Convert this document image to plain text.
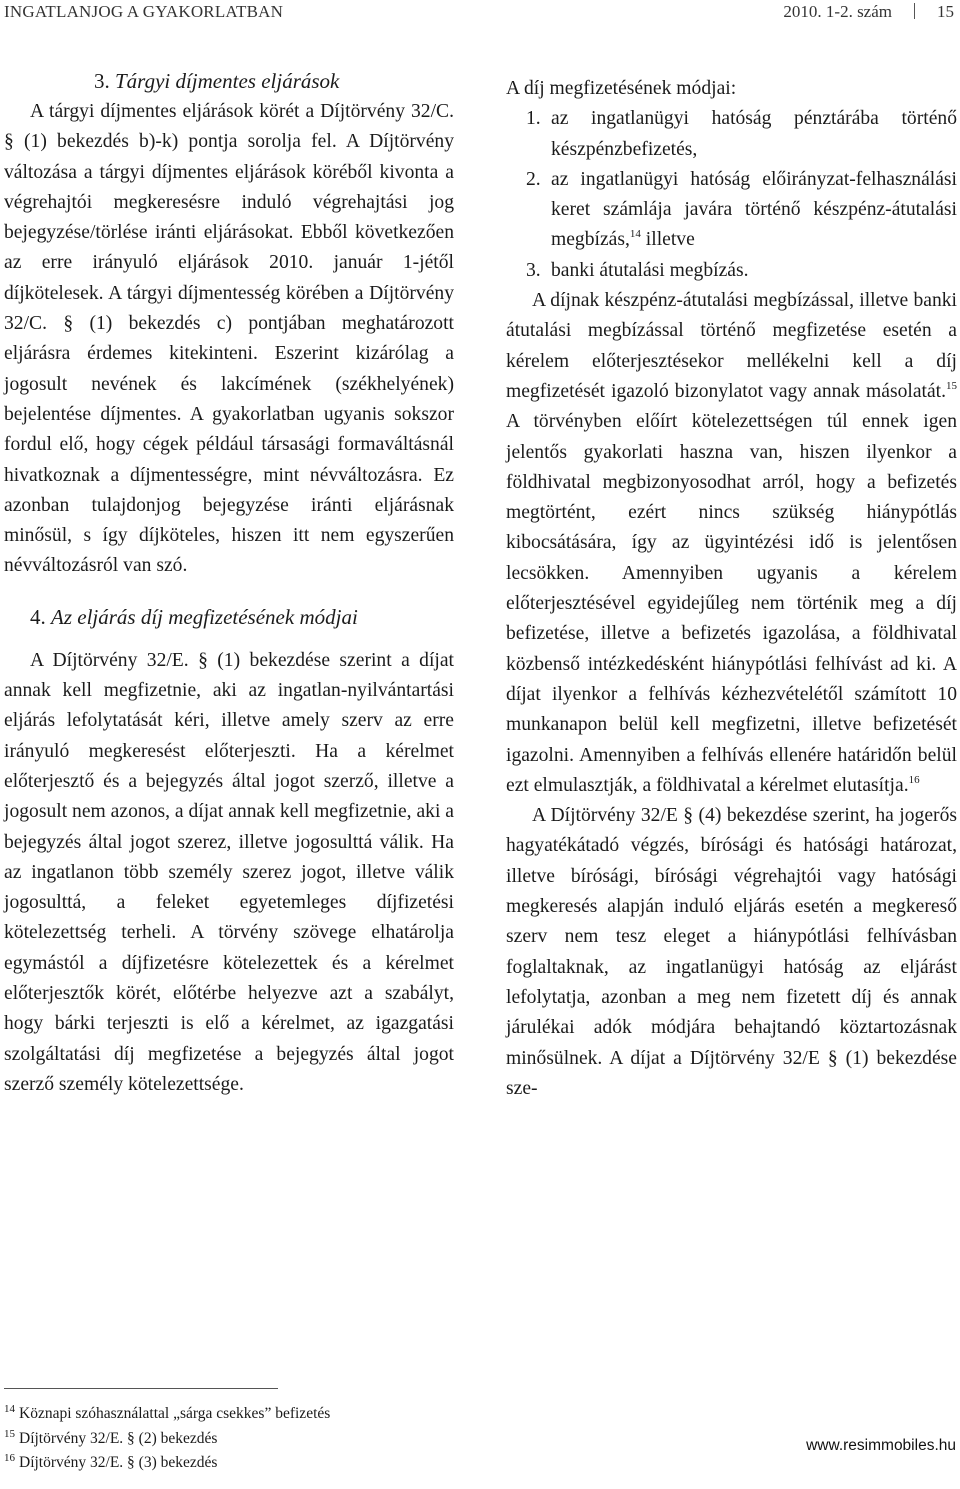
INGATLANJOG A GYAKORLATBAN	2010. 1-2. szám	15
3. Tárgyi díjmentes eljárások

A tárgyi díjmentes eljárások körét a Díjtörvény 32/C. § (1) bekezdés b)-k) pontja sorolja fel. A Díjtörvény változása a tárgyi díjmentes eljárások köréből kivonta a végrehajtói megkeresésre induló végrehajtási jog bejegyzése/törlése iránti eljárásokat. Ebből következően az erre irányuló eljárások 2010. január 1-jétől díjkötelesek. A tárgyi díjmentesség körében a Díjtörvény 32/C. § (1) bekezdés c) pontjában meghatározott eljárásra érdemes kitekinteni. Eszerint kizárólag a jogosult nevének és lakcímének (székhelyének) bejelentése díjmentes. A gyakorlatban ugyanis sokszor fordul elő, hogy cégek például társasági formaváltásnál hivatkoznak a díjmentességre, mint névváltozásra. Ez azonban tulajdonjog bejegyzése iránti eljárásnak minősül, s így díjköteles, hiszen itt nem egyszerűen névváltozásról van szó.

4. Az eljárás díj megfizetésének módjai

A Díjtörvény 32/E. § (1) bekezdése szerint a díjat annak kell megfizetnie, aki az ingatlan-nyilvántartási eljárás lefolytatását kéri, illetve amely szerv az erre irányuló megkeresést előterjeszti. Ha a kérelmet előterjesztő és a bejegyzés által jogot szerző, illetve a jogosult nem azonos, a díjat annak kell megfizetnie, aki a bejegyzés által jogot szerez, illetve jogosulttá válik. Ha az ingatlanon több személy szerez jogot, illetve válik jogosulttá, a feleket egyetemleges díjfizetési kötelezettség terheli. A törvény szövege elhatárolja egymástól a díjfizetésre kötelezettek és a kérelmet előterjesztők körét, előtérbe helyezve azt a szabályt, hogy bárki terjeszti is elő a kérelmet, az igazgatási szolgáltatási díj megfizetése a bejegyzés által jogot szerző személy kötelezettsége.

A díj megfizetésének módjai:

1. az ingatlanügyi hatóság pénztárába történő készpénzbefizetés,
2. az ingatlanügyi hatóság előirányzat-felhasználási keret számlája javára történő készpénz-átutalási megbízás,$^{14}$ illetve
3. banki átutalási megbízás.

A díjnak készpénz-átutalási megbízással, illetve banki átutalási megbízással történő megfizetése esetén a kérelem előterjesztésekor mellékelni kell a díj megfizetését igazoló bizonylatot vagy annak másolatát.$^{15}$ A törvényben előírt kötelezettségen túl ennek igen jelentős gyakorlati haszna van, hiszen ilyenkor a földhivatal megbizonyosodhat arról, hogy a befizetés megtörtént, ezért nincs szükség hiánypótlás kibocsátására, így az ügyintézési idő is jelentősen lecsökken. Amennyiben ugyanis a kérelem előterjesztésével egyidejűleg nem történik meg a díj befizetése, illetve a befizetés igazolása, a földhivatal közbenső intézkedésként hiánypótlási felhívást ad ki. A díjat ilyenkor a felhívás kézhezvételétől számított 10 munkanapon belül kell megfizetni, illetve befizetését igazolni. Amennyiben a felhívás ellenére határidőn belül ezt elmulasztják, a földhivatal a kérelmet elutasítja.$^{16}$

A Díjtörvény 32/E § (4) bekezdése szerint, ha jogerős hagyatékátadó végzés, bírósági és hatósági határozat, illetve bírósági, bírósági végrehajtói vagy hatósági megkeresés alapján induló eljárás esetén a megkereső szerv nem tesz eleget a hiánypótlási felhívásban foglaltaknak, az ingatlanügyi hatóság az eljárást lefolytatja, azonban a meg nem fizetett díj és annak járulékai adók módjára behajtandó köztartozásnak minősülnek. A díjat a Díjtörvény 32/E § (1) bekezdése sze-

$^{14}$ Köznapi szóhasználattal „sárga csekkes” befizetés
$^{15}$ Díjtörvény 32/E. § (2) bekezdés
$^{16}$ Díjtörvény 32/E. § (3) bekezdés
www.resimmobiles.hu
